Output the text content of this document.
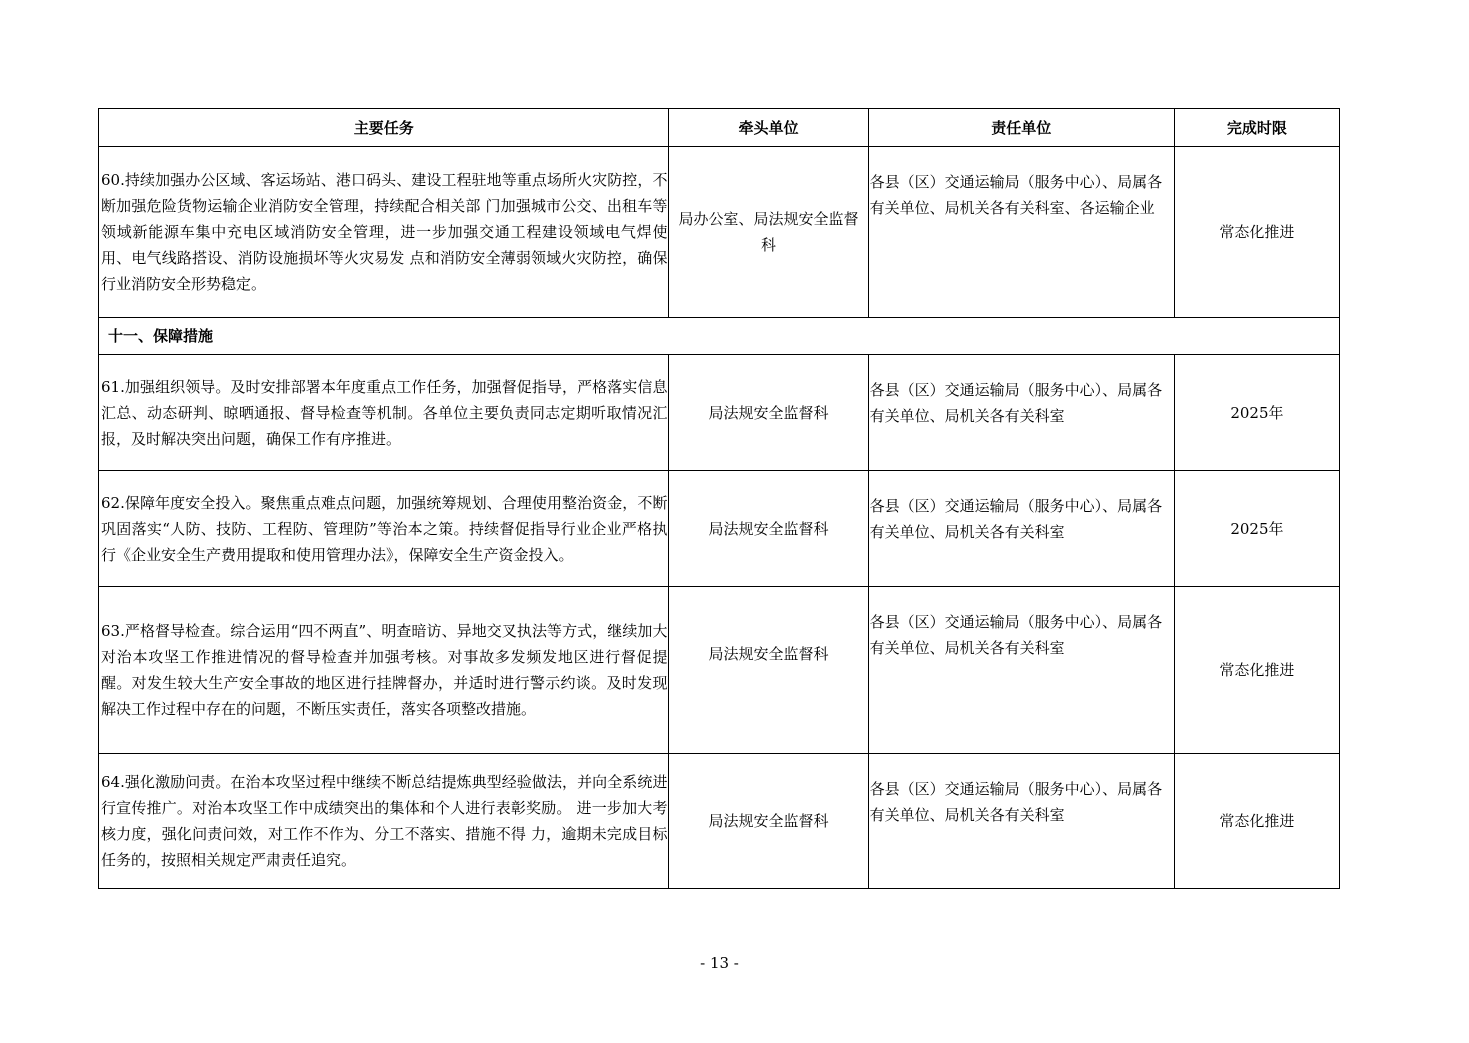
主要任务	牵头单位	责任单位	完成时限
60.持续加强办公区域、客运场站、港口码头、建设工程驻地等重点场所火灾防控，不断加强危险货物运输企业消防安全管理，持续配合相关部 门加强城市公交、出租车等领域新能源车集中充电区域消防安全管理，进一步加强交通工程建设领域电气焊使用、电气线路搭设、消防设施损坏等火灾易发 点和消防安全薄弱领域火灾防控，确保行业消防安全形势稳定。	局办公室、局法规安全监督科	各县（区）交通运输局（服务中心）、局属各有关单位、局机关各有关科室、各运输企业	常态化推进
十一、保障措施			
61.加强组织领导。及时安排部署本年度重点工作任务，加强督促指导，严格落实信息汇总、动态研判、晾晒通报、督导检查等机制。各单位主要负责同志定期听取情况汇报，及时解决突出问题，确保工作有序推进。	局法规安全监督科	各县（区）交通运输局（服务中心）、局属各有关单位、局机关各有关科室	2025年
62.保障年度安全投入。聚焦重点难点问题，加强统筹规划、合理使用整治资金，不断巩固落实“人防、技防、工程防、管理防”等治本之策。持续督促指导行业企业严格执行《企业安全生产费用提取和使用管理办法》，保障安全生产资金投入。	局法规安全监督科	各县（区）交通运输局（服务中心）、局属各有关单位、局机关各有关科室	2025年
63.严格督导检查。综合运用“四不两直”、明查暗访、异地交叉执法等方式，继续加大对治本攻坚工作推进情况的督导检查并加强考核。对事故多发频发地区进行督促提醒。对发生较大生产安全事故的地区进行挂牌督办，并适时进行警示约谈。及时发现解决工作过程中存在的问题，不断压实责任，落实各项整改措施。	局法规安全监督科	各县（区）交通运输局（服务中心）、局属各有关单位、局机关各有关科室	常态化推进
64.强化激励问责。在治本攻坚过程中继续不断总结提炼典型经验做法，并向全系统进行宣传推广。对治本攻坚工作中成绩突出的集体和个人进行表彰奖励。 进一步加大考核力度，强化问责问效，对工作不作为、分工不落实、措施不得 力，逾期未完成目标任务的，按照相关规定严肃责任追究。	局法规安全监督科	各县（区）交通运输局（服务中心）、局属各有关单位、局机关各有关科室	常态化推进
- 13 -
